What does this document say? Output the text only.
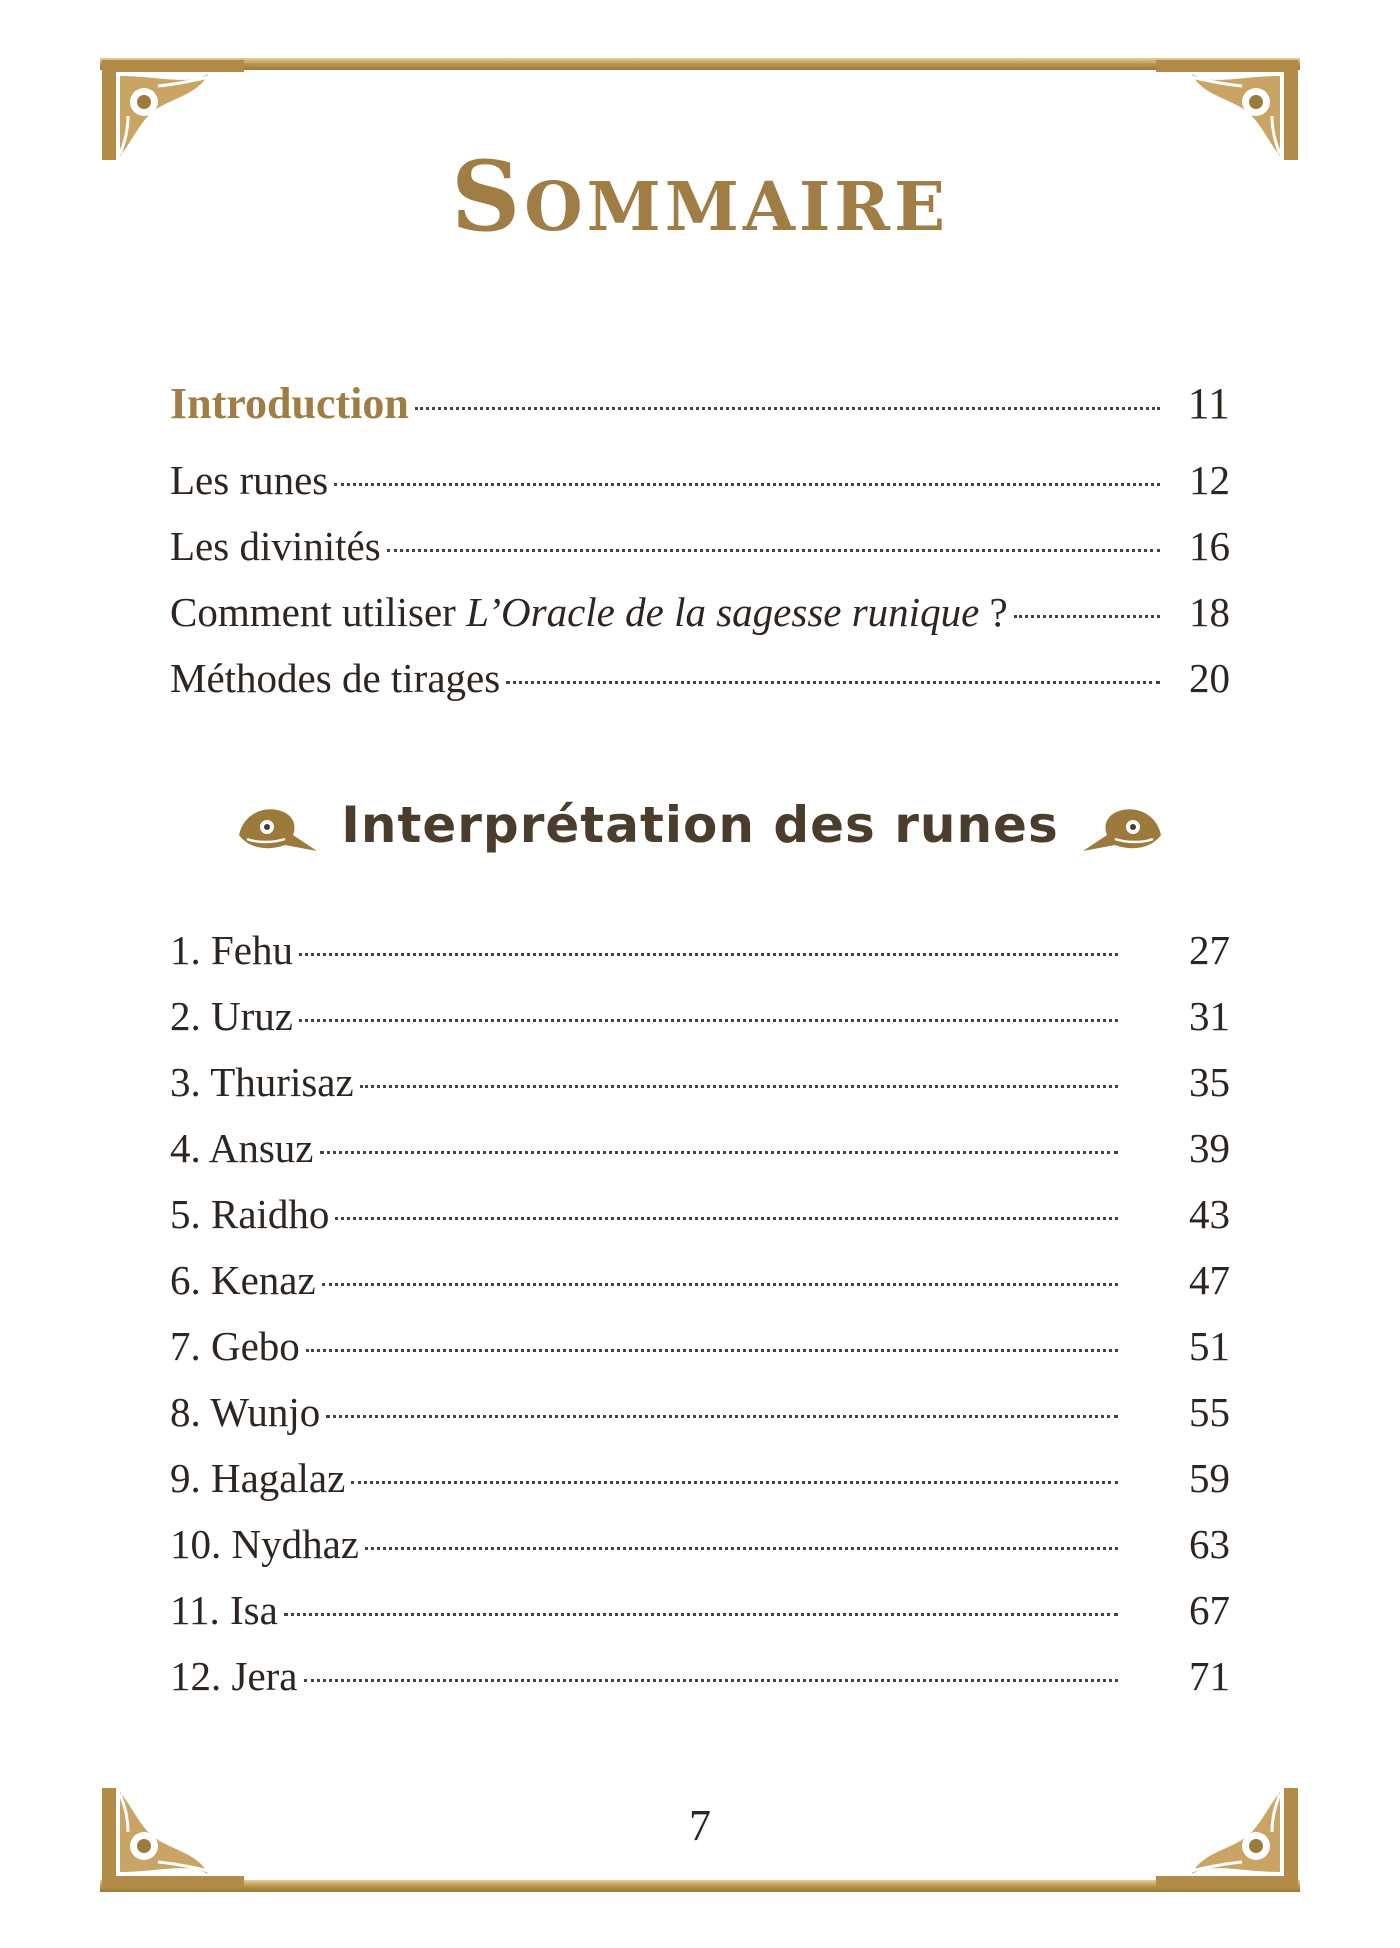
Sommaire
Introduction	11
Les runes	12
Les divinités	16
Comment utiliser L’Oracle de la sagesse runique ?	18
Méthodes de tirages	20
Interprétation des runes
1. Fehu	27
2. Uruz	31
3. Thurisaz	35
4. Ansuz	39
5. Raidho	43
6. Kenaz	47
7. Gebo	51
8. Wunjo	55
9. Hagalaz	59
10. Nydhaz	63
11. Isa	67
12. Jera	71
7
